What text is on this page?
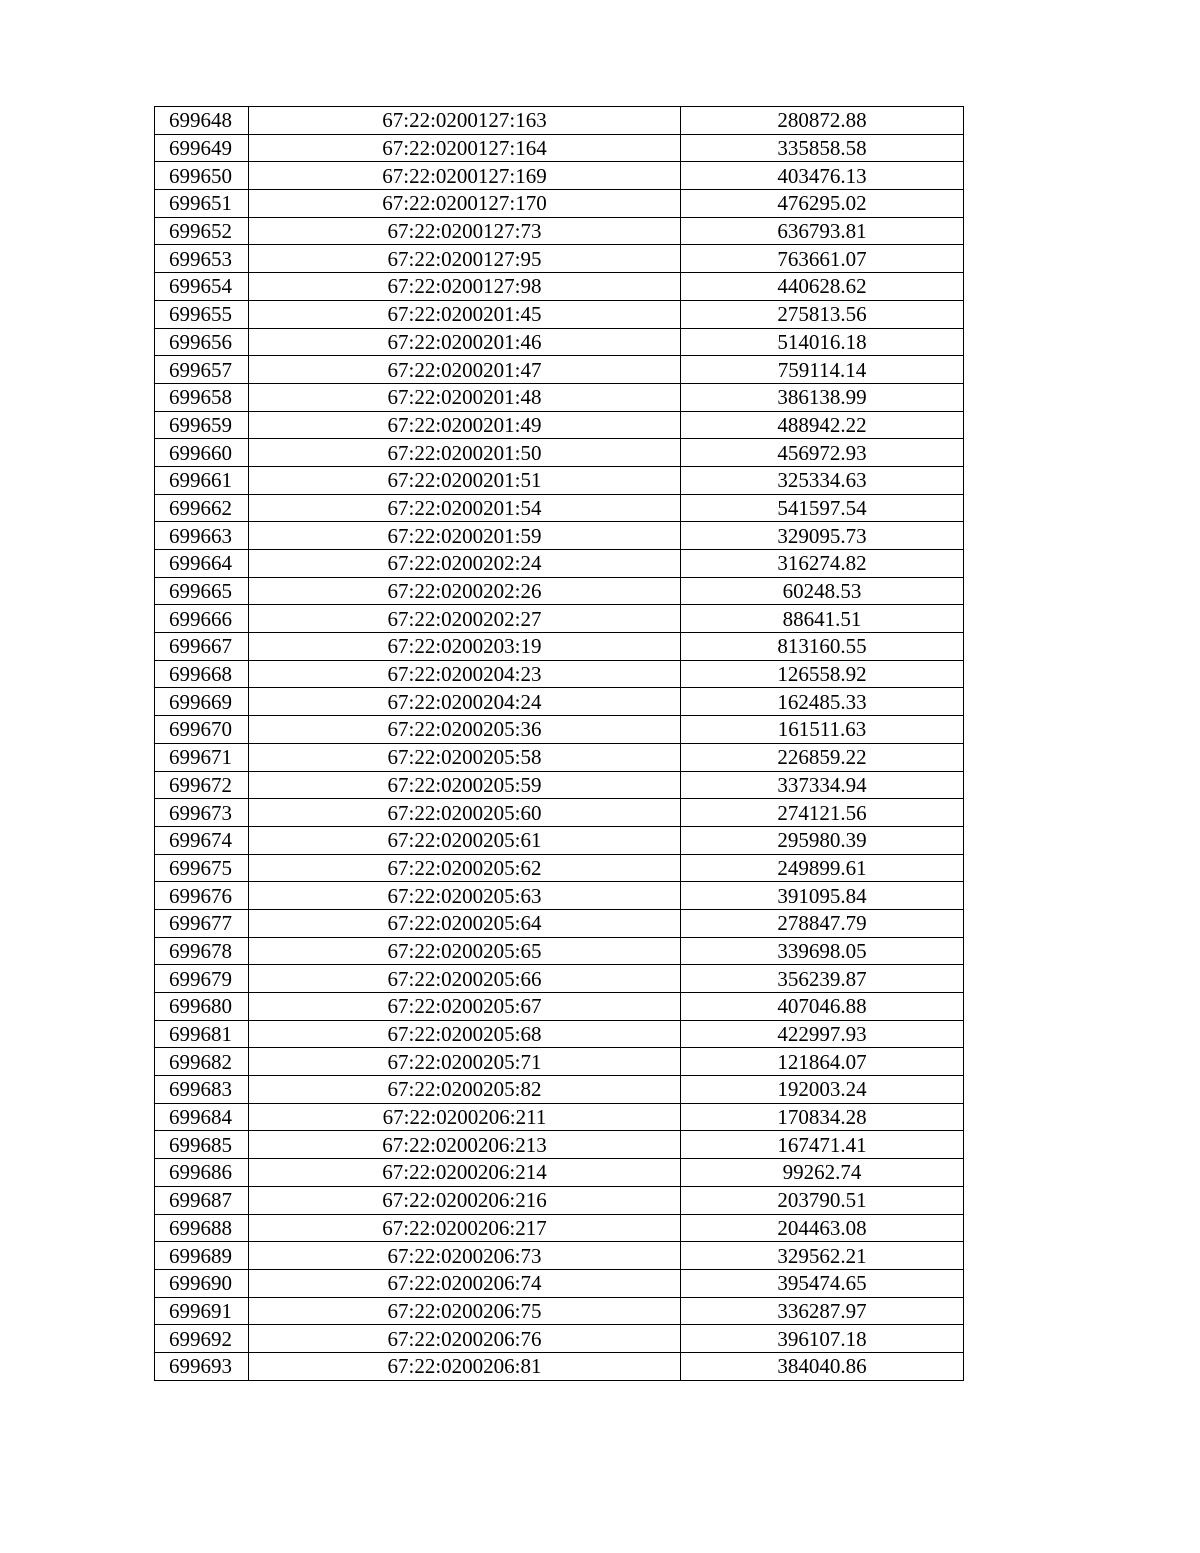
699648	67:22:0200127:163	280872.88
699649	67:22:0200127:164	335858.58
699650	67:22:0200127:169	403476.13
699651	67:22:0200127:170	476295.02
699652	67:22:0200127:73	636793.81
699653	67:22:0200127:95	763661.07
699654	67:22:0200127:98	440628.62
699655	67:22:0200201:45	275813.56
699656	67:22:0200201:46	514016.18
699657	67:22:0200201:47	759114.14
699658	67:22:0200201:48	386138.99
699659	67:22:0200201:49	488942.22
699660	67:22:0200201:50	456972.93
699661	67:22:0200201:51	325334.63
699662	67:22:0200201:54	541597.54
699663	67:22:0200201:59	329095.73
699664	67:22:0200202:24	316274.82
699665	67:22:0200202:26	60248.53
699666	67:22:0200202:27	88641.51
699667	67:22:0200203:19	813160.55
699668	67:22:0200204:23	126558.92
699669	67:22:0200204:24	162485.33
699670	67:22:0200205:36	161511.63
699671	67:22:0200205:58	226859.22
699672	67:22:0200205:59	337334.94
699673	67:22:0200205:60	274121.56
699674	67:22:0200205:61	295980.39
699675	67:22:0200205:62	249899.61
699676	67:22:0200205:63	391095.84
699677	67:22:0200205:64	278847.79
699678	67:22:0200205:65	339698.05
699679	67:22:0200205:66	356239.87
699680	67:22:0200205:67	407046.88
699681	67:22:0200205:68	422997.93
699682	67:22:0200205:71	121864.07
699683	67:22:0200205:82	192003.24
699684	67:22:0200206:211	170834.28
699685	67:22:0200206:213	167471.41
699686	67:22:0200206:214	99262.74
699687	67:22:0200206:216	203790.51
699688	67:22:0200206:217	204463.08
699689	67:22:0200206:73	329562.21
699690	67:22:0200206:74	395474.65
699691	67:22:0200206:75	336287.97
699692	67:22:0200206:76	396107.18
699693	67:22:0200206:81	384040.86
